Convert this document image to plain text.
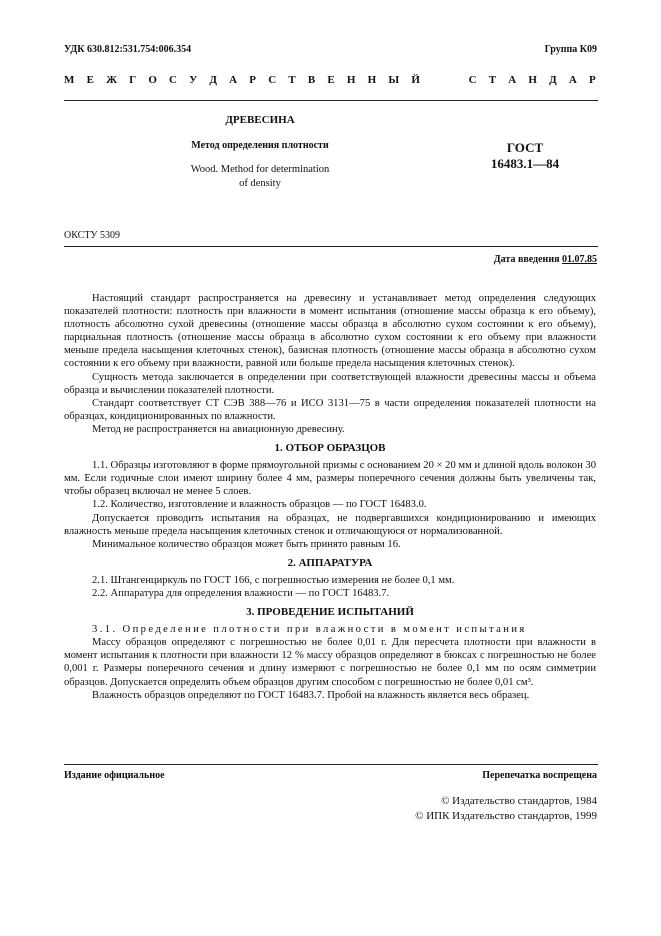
УДК 630.812:531.754:006.354	Группа К09
М Е Ж Г О С У Д А Р С Т В Е Н Н Ы Й	С Т А Н Д А Р
ДРЕВЕСИНА
Метод определения плотности
Wood. Method for determination
of density
ГОСТ
16483.1—84
ОКСТУ 5309
Дата введения 01.07.85

Настоящий стандарт распространяется на древесину и устанавливает метод определения следующих показателей плотности: плотность при влажности в момент испытания (отношение массы образца к его объему), плотность абсолютно сухой древесины (отношение массы образца в абсолютно сухом состоянии к его объему), парциальная плотность (отношение массы образца в абсолютно сухом состоянии к его объему при влажности меньше предела насыщения клеточных стенок), базисная плотность (отношение массы образца в абсолютно сухом состоянии к его объему при влажности, равной или больше предела насыщения клеточных стенок).

Сущность метода заключается в определении при соответствующей влажности древесины массы и объема образца и вычислении показателей плотности.

Стандарт соответствует СТ СЭВ 388—76 и ИСО 3131—75 в части определения показателей плотности на образцах, кондиционированных по влажности.

Метод не распространяется на авиационную древесину.

1. ОТБОР ОБРАЗЦОВ

1.1. Образцы изготовляют в форме прямоугольной призмы с основанием 20 × 20 мм и длиной вдоль волокон 30 мм. Если годичные слои имеют ширину более 4 мм, размеры поперечного сечения должны быть увеличены так, чтобы образец включал не менее 5 слоев.

1.2. Количество, изготовление и влажность образцов — по ГОСТ 16483.0.

Допускается проводить испытания на образцах, не подвергавшихся кондиционированию и имеющих влажность меньше предела насыщения клеточных стенок и отличающуюся от нормализованной.

Минимальное количество образцов может быть принято равным 16.

2. АППАРАТУРА

2.1. Штангенциркуль по ГОСТ 166, с погрешностью измерения не более 0,1 мм.

2.2. Аппаратура для определения влажности — по ГОСТ 16483.7.

3. ПРОВЕДЕНИЕ ИСПЫТАНИЙ

3.1. Определение плотности при влажности в момент испытания

Массу образцов определяют с погрешностью не более 0,01 г. Для пересчета плотности при влажности в момент испытания к плотности при влажности 12 % массу образцов определяют в бюксах с погрешностью не более 0,001 г. Размеры поперечного сечения и длину измеряют с погрешностью не более 0,1 мм по осям симметрии образцов. Допускается определять объем образцов другим способом с погрешностью не более 0,01 см³.

Влажность образцов определяют по ГОСТ 16483.7. Пробой на влажность является весь образец.

Издание официальное	Перепечатка воспрещена
© Издательство стандартов, 1984
© ИПК Издательство стандартов, 1999
